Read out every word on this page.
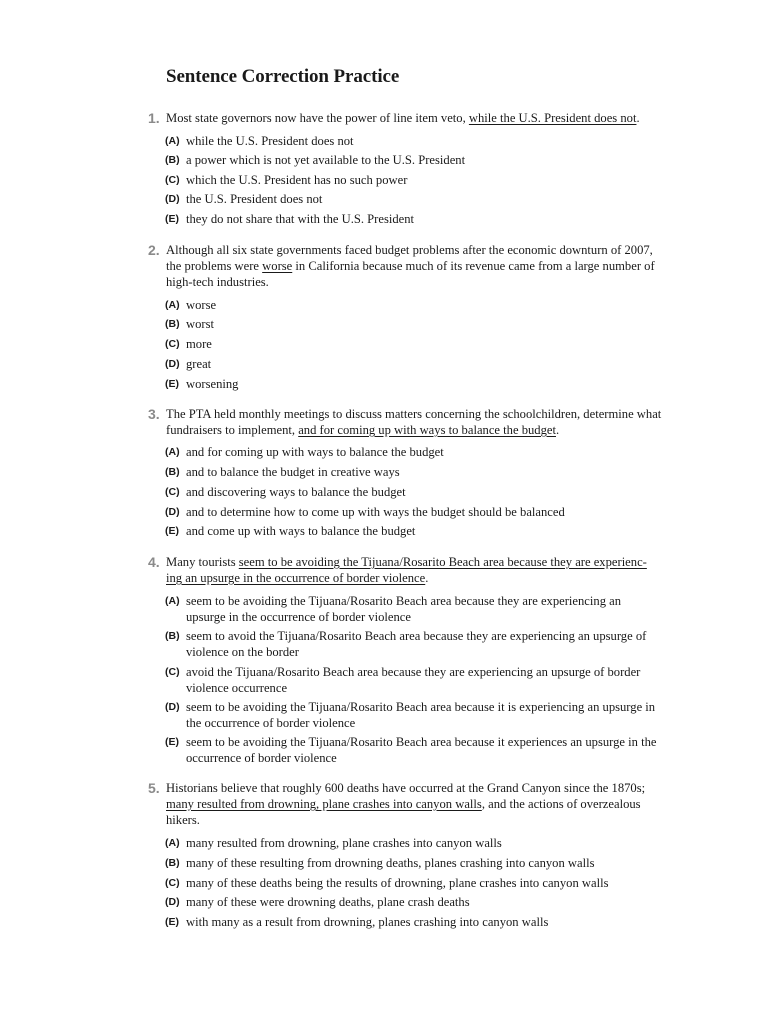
Sentence Correction Practice
1. Most state governors now have the power of line item veto, while the U.S. President does not.
(A) while the U.S. President does not
(B) a power which is not yet available to the U.S. President
(C) which the U.S. President has no such power
(D) the U.S. President does not
(E) they do not share that with the U.S. President
2. Although all six state governments faced budget problems after the economic downturn of 2007, the problems were worse in California because much of its revenue came from a large number of high-tech industries.
(A) worse
(B) worst
(C) more
(D) great
(E) worsening
3. The PTA held monthly meetings to discuss matters concerning the schoolchildren, determine what fundraisers to implement, and for coming up with ways to balance the budget.
(A) and for coming up with ways to balance the budget
(B) and to balance the budget in creative ways
(C) and discovering ways to balance the budget
(D) and to determine how to come up with ways the budget should be balanced
(E) and come up with ways to balance the budget
4. Many tourists seem to be avoiding the Tijuana/Rosarito Beach area because they are experienc-ing an upsurge in the occurrence of border violence.
(A) seem to be avoiding the Tijuana/Rosarito Beach area because they are experiencing an upsurge in the occurrence of border violence
(B) seem to avoid the Tijuana/Rosarito Beach area because they are experiencing an upsurge of violence on the border
(C) avoid the Tijuana/Rosarito Beach area because they are experiencing an upsurge of border violence occurrence
(D) seem to be avoiding the Tijuana/Rosarito Beach area because it is experiencing an upsurge in the occurrence of border violence
(E) seem to be avoiding the Tijuana/Rosarito Beach area because it experiences an upsurge in the occurrence of border violence
5. Historians believe that roughly 600 deaths have occurred at the Grand Canyon since the 1870s; many resulted from drowning, plane crashes into canyon walls, and the actions of overzealous hikers.
(A) many resulted from drowning, plane crashes into canyon walls
(B) many of these resulting from drowning deaths, planes crashing into canyon walls
(C) many of these deaths being the results of drowning, plane crashes into canyon walls
(D) many of these were drowning deaths, plane crash deaths
(E) with many as a result from drowning, planes crashing into canyon walls
